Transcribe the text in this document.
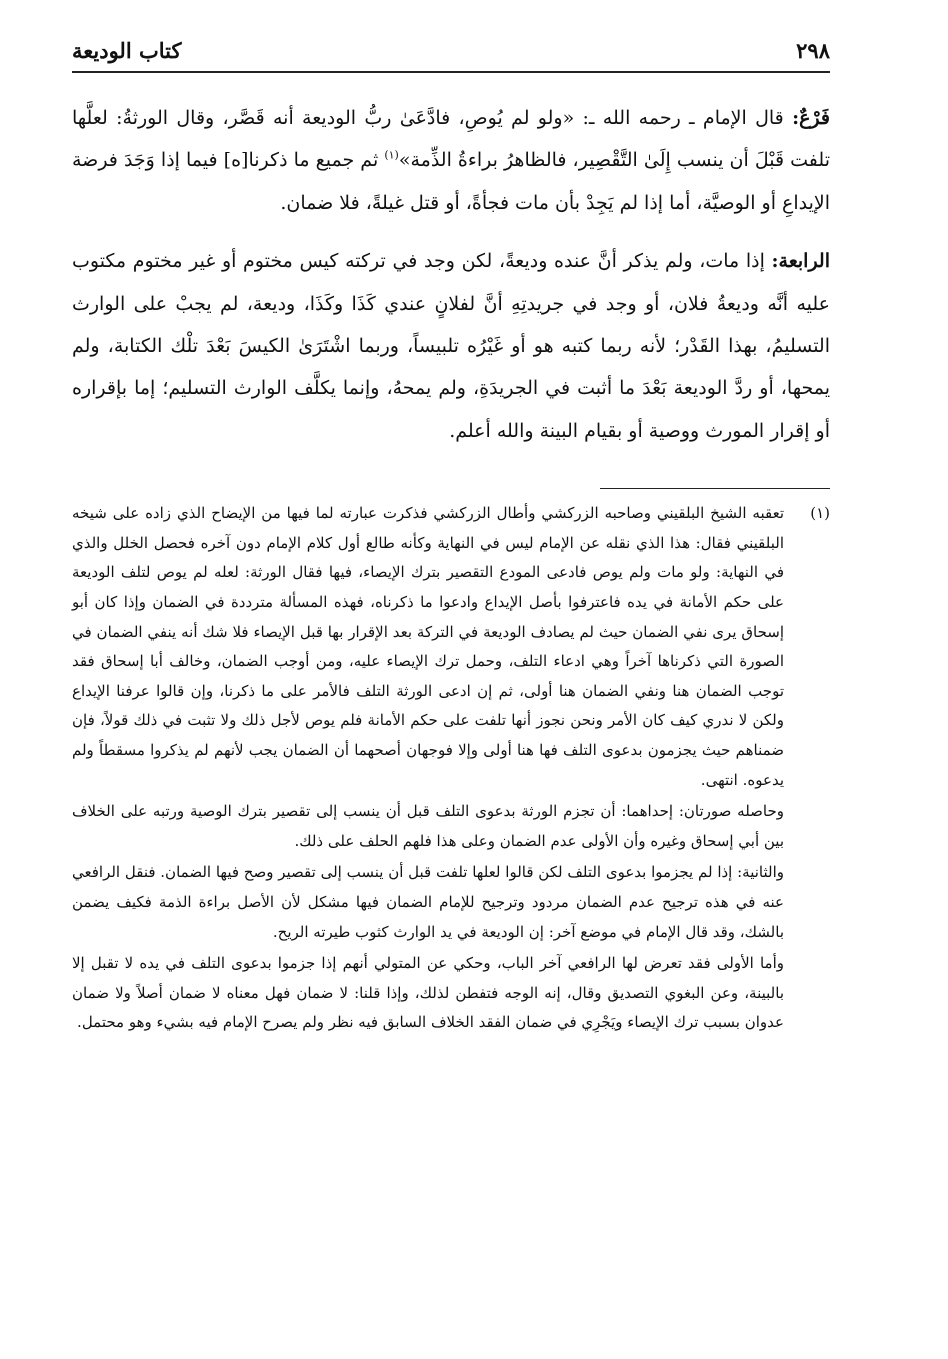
٢٩٨
كتاب الوديعة

فَرْعٌ: قال الإمام ـ رحمه الله ـ: «ولو لم يُوصِ، فادَّعَىٰ ربُّ الوديعة أنه قَصَّر، وقال الورثةُ: لعلَّها تلفت قَبْلَ أن ينسب إِلَىٰ التَّقْصِير، فالظاهرُ براءةُ الذِّمة»$^{(١)}$ ثم جميع ما ذكرنا[ه] فيما إذا وَجَدَ فرضة الإيداعِ أو الوصيَّة، أما إذا لم يَجِدْ بأن مات فجأةً، أو قتل غيلةً، فلا ضمان.

الرابعة: إذا مات، ولم يذكر أنَّ عنده وديعةً، لكن وجد في تركته كيس مختوم أو غير مختوم مكتوب عليه أنَّه وديعةُ فلان، أو وجد في جريدتِهِ أنَّ لفلانٍ عندي كَذَا وكَذَا، وديعة، لم يجبْ على الوارث التسليمُ، بهذا القَدْر؛ لأنه ربما كتبه هو أو غَيْرُه تلبيساً، وربما اشْتَرَىٰ الكيسَ بَعْدَ تلْك الكتابة، ولم يمحها، أو ردَّ الوديعة بَعْدَ ما أثبت في الجريدَةِ، ولم يمحهُ، وإنما يكلَّف الوارث التسليم؛ إما بإقراره أو إقرار المورث ووصية أو بقيام البينة والله أعلم.

(١)

تعقبه الشيخ البلقيني وصاحبه الزركشي وأطال الزركشي فذكرت عبارته لما فيها من الإيضاح الذي زاده على شيخه البلقيني فقال: هذا الذي نقله عن الإمام ليس في النهاية وكأنه طالع أول كلام الإمام دون آخره فحصل الخلل والذي في النهاية: ولو مات ولم يوص فادعى المودع التقصير بترك الإيصاء، فيها فقال الورثة: لعله لم يوص لتلف الوديعة على حكم الأمانة في يده فاعترفوا بأصل الإيداع وادعوا ما ذكرناه، فهذه المسألة مترددة في الضمان وإذا كان أبو إسحاق يرى نفي الضمان حيث لم يصادف الوديعة في التركة بعد الإقرار بها قبل الإيصاء فلا شك أنه ينفي الضمان في الصورة التي ذكرناها آخراً وهي ادعاء التلف، وحمل ترك الإيصاء عليه، ومن أوجب الضمان، وخالف أبا إسحاق فقد توجب الضمان هنا ونفي الضمان هنا أولى، ثم إن ادعى الورثة التلف فالأمر على ما ذكرنا، وإن قالوا عرفنا الإيداع ولكن لا ندري كيف كان الأمر ونحن نجوز أنها تلفت على حكم الأمانة فلم يوص لأجل ذلك ولا تثبت في ذلك قولاً، فإن ضمناهم حيث يجزمون بدعوى التلف فها هنا أولى وإلا فوجهان أصحهما أن الضمان يجب لأنهم لم يذكروا مسقطاً ولم يدعوه. انتهى.

وحاصله صورتان: إحداهما: أن تجزم الورثة بدعوى التلف قبل أن ينسب إلى تقصير بترك الوصية ورتبه على الخلاف بين أبي إسحاق وغيره وأن الأولى عدم الضمان وعلى هذا فلهم الحلف على ذلك.

والثانية: إذا لم يجزموا بدعوى التلف لكن قالوا لعلها تلفت قبل أن ينسب إلى تقصير وصح فيها الضمان. فنقل الرافعي عنه في هذه ترجيح عدم الضمان مردود وترجيح للإمام الضمان فيها مشكل لأن الأصل براءة الذمة فكيف يضمن بالشك، وقد قال الإمام في موضع آخر: إن الوديعة في يد الوارث كثوب طيرته الريح.

وأما الأولى فقد تعرض لها الرافعي آخر الباب، وحكي عن المتولي أنهم إذا جزموا بدعوى التلف في يده لا تقبل إلا بالبينة، وعن البغوي التصديق وقال، إنه الوجه فتفطن لذلك، وإذا قلنا: لا ضمان فهل معناه لا ضمان أصلاً ولا ضمان عدوان بسبب ترك الإيصاء ويَجْرِي في ضمان الفقد الخلاف السابق فيه نظر ولم يصرح الإمام فيه بشيء وهو محتمل.
